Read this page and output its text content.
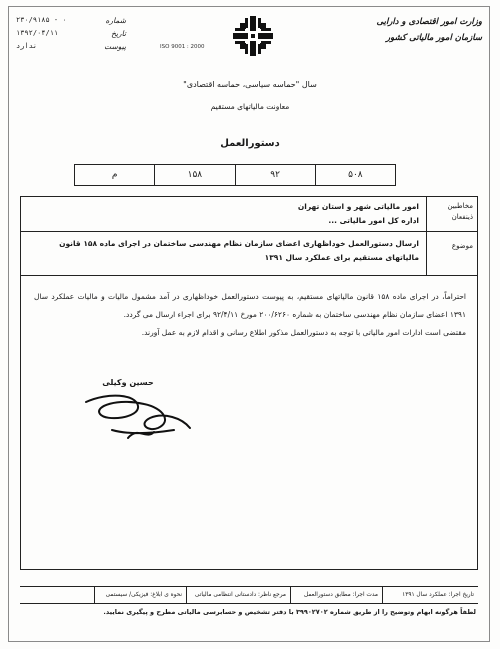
وزارت امور اقتصادی و دارایی
سازمان امور مالیاتی کشور
ISO 9001 : 2000
شماره
۲۳۰/۹۱۸۵ - ۰
تاریخ
۱۳۹۲/۰۴/۱۱
پیوست
ندارد
سال "حماسه سیاسی، حماسه اقتصادی"
معاونت مالیاتهای مستقیم
دستورالعمل
۵۰۸
۹۲
۱۵۸
م
مخاطبین
ذینفعان
امور مالیاتی شهر و استان تهران
اداره کل امور مالیاتی ...
موضوع
ارسال دستورالعمل خوداظهاری اعضای سازمان نظام مهندسی ساختمان در اجرای ماده ۱۵۸ قانون مالیاتهای مستقیم برای عملکرد سال ۱۳۹۱

احتراماً، در اجرای ماده ۱۵۸ قانون مالیاتهای مستقیم، به پیوست دستورالعمل خوداظهاری در آمد مشمول مالیات و مالیات عملکرد سال ۱۳۹۱ اعضای سازمان نظام مهندسی ساختمان به شماره ۲۰۰/۶۲۶۰ مورخ ۹۲/۴/۱۱ برای اجراء ارسال می گردد.

مقتضی است ادارات امور مالیاتی با توجه به دستورالعمل مذکور اطلاع رسانی و اقدام لازم به عمل آورند.

حسین وکیلی
تاریخ اجرا: عملکرد سال ۱۳۹۱
مدت اجرا: مطابق دستورالعمل
مرجع ناظر: دادستانی انتظامی مالیاتی
نحوه ی ابلاغ: فیزیکی/ سیستمی
لطفاً هرگونه ابهام وتوضیح را از طریق شماره ۳۹۹۰۲۷۰۲ با دفتر تشخیص و حسابرسی مالیاتی مطرح و پیگیری نمایید.
